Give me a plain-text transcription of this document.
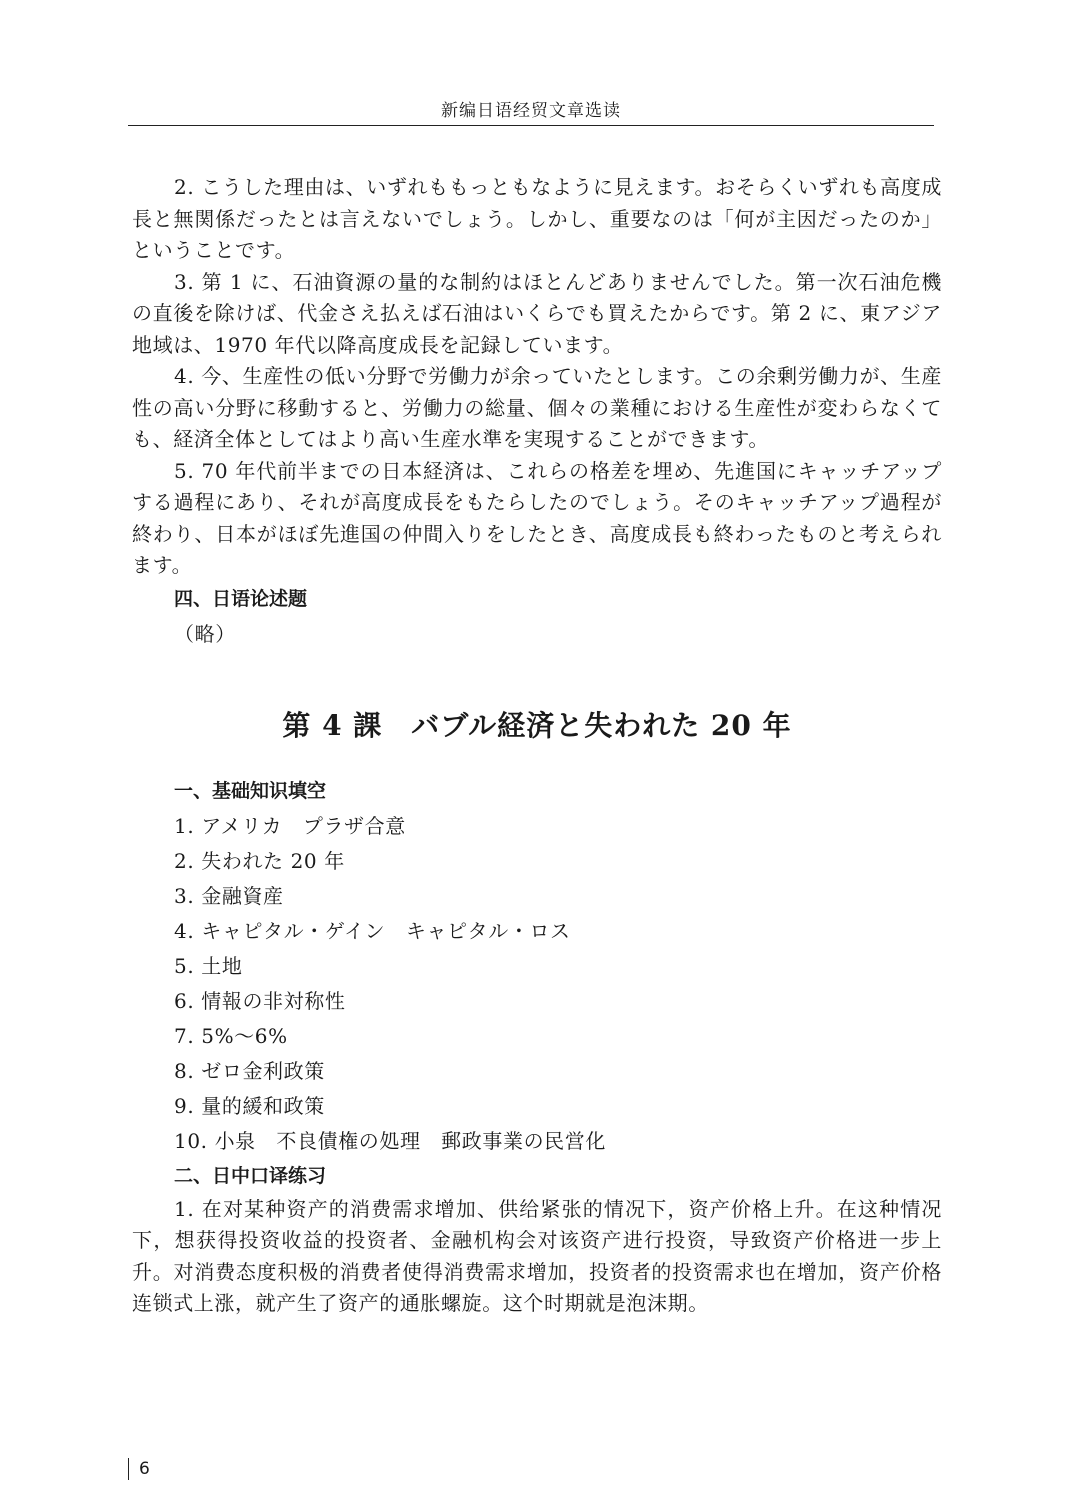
新编日语经贸文章选读

2. こうした理由は、いずれももっともなように見えます。おそらくいずれも高度成長と無関係だったとは言えないでしょう。しかし、重要なのは「何が主因だったのか」ということです。

3. 第 1 に、石油資源の量的な制約はほとんどありませんでした。第一次石油危機の直後を除けば、代金さえ払えば石油はいくらでも買えたからです。第 2 に、東アジア地域は、1970 年代以降高度成長を記録しています。

4. 今、生産性の低い分野で労働力が余っていたとします。この余剰労働力が、生産性の高い分野に移動すると、労働力の総量、個々の業種における生産性が変わらなくても、経済全体としてはより高い生産水準を実現することができます。

5. 70 年代前半までの日本経済は、これらの格差を埋め、先進国にキャッチアップする過程にあり、それが高度成長をもたらしたのでしょう。そのキャッチアップ過程が終わり、日本がほぼ先進国の仲間入りをしたとき、高度成長も終わったものと考えられます。

四、日语论述题

（略）

第 4 課　バブル経済と失われた 20 年

一、基础知识填空

1. アメリカ　プラザ合意
2. 失われた 20 年
3. 金融資産
4. キャピタル・ゲイン　キャピタル・ロス
5. 土地
6. 情報の非対称性
7. 5%～6%
8. ゼロ金利政策
9. 量的緩和政策
10. 小泉　不良債権の処理　郵政事業の民営化

二、日中口译练习

1. 在对某种资产的消费需求增加、供给紧张的情况下，资产价格上升。在这种情况下，想获得投资收益的投资者、金融机构会对该资产进行投资，导致资产价格进一步上升。对消费态度积极的消费者使得消费需求增加，投资者的投资需求也在增加，资产价格连锁式上涨，就产生了资产的通胀螺旋。这个时期就是泡沫期。

6
